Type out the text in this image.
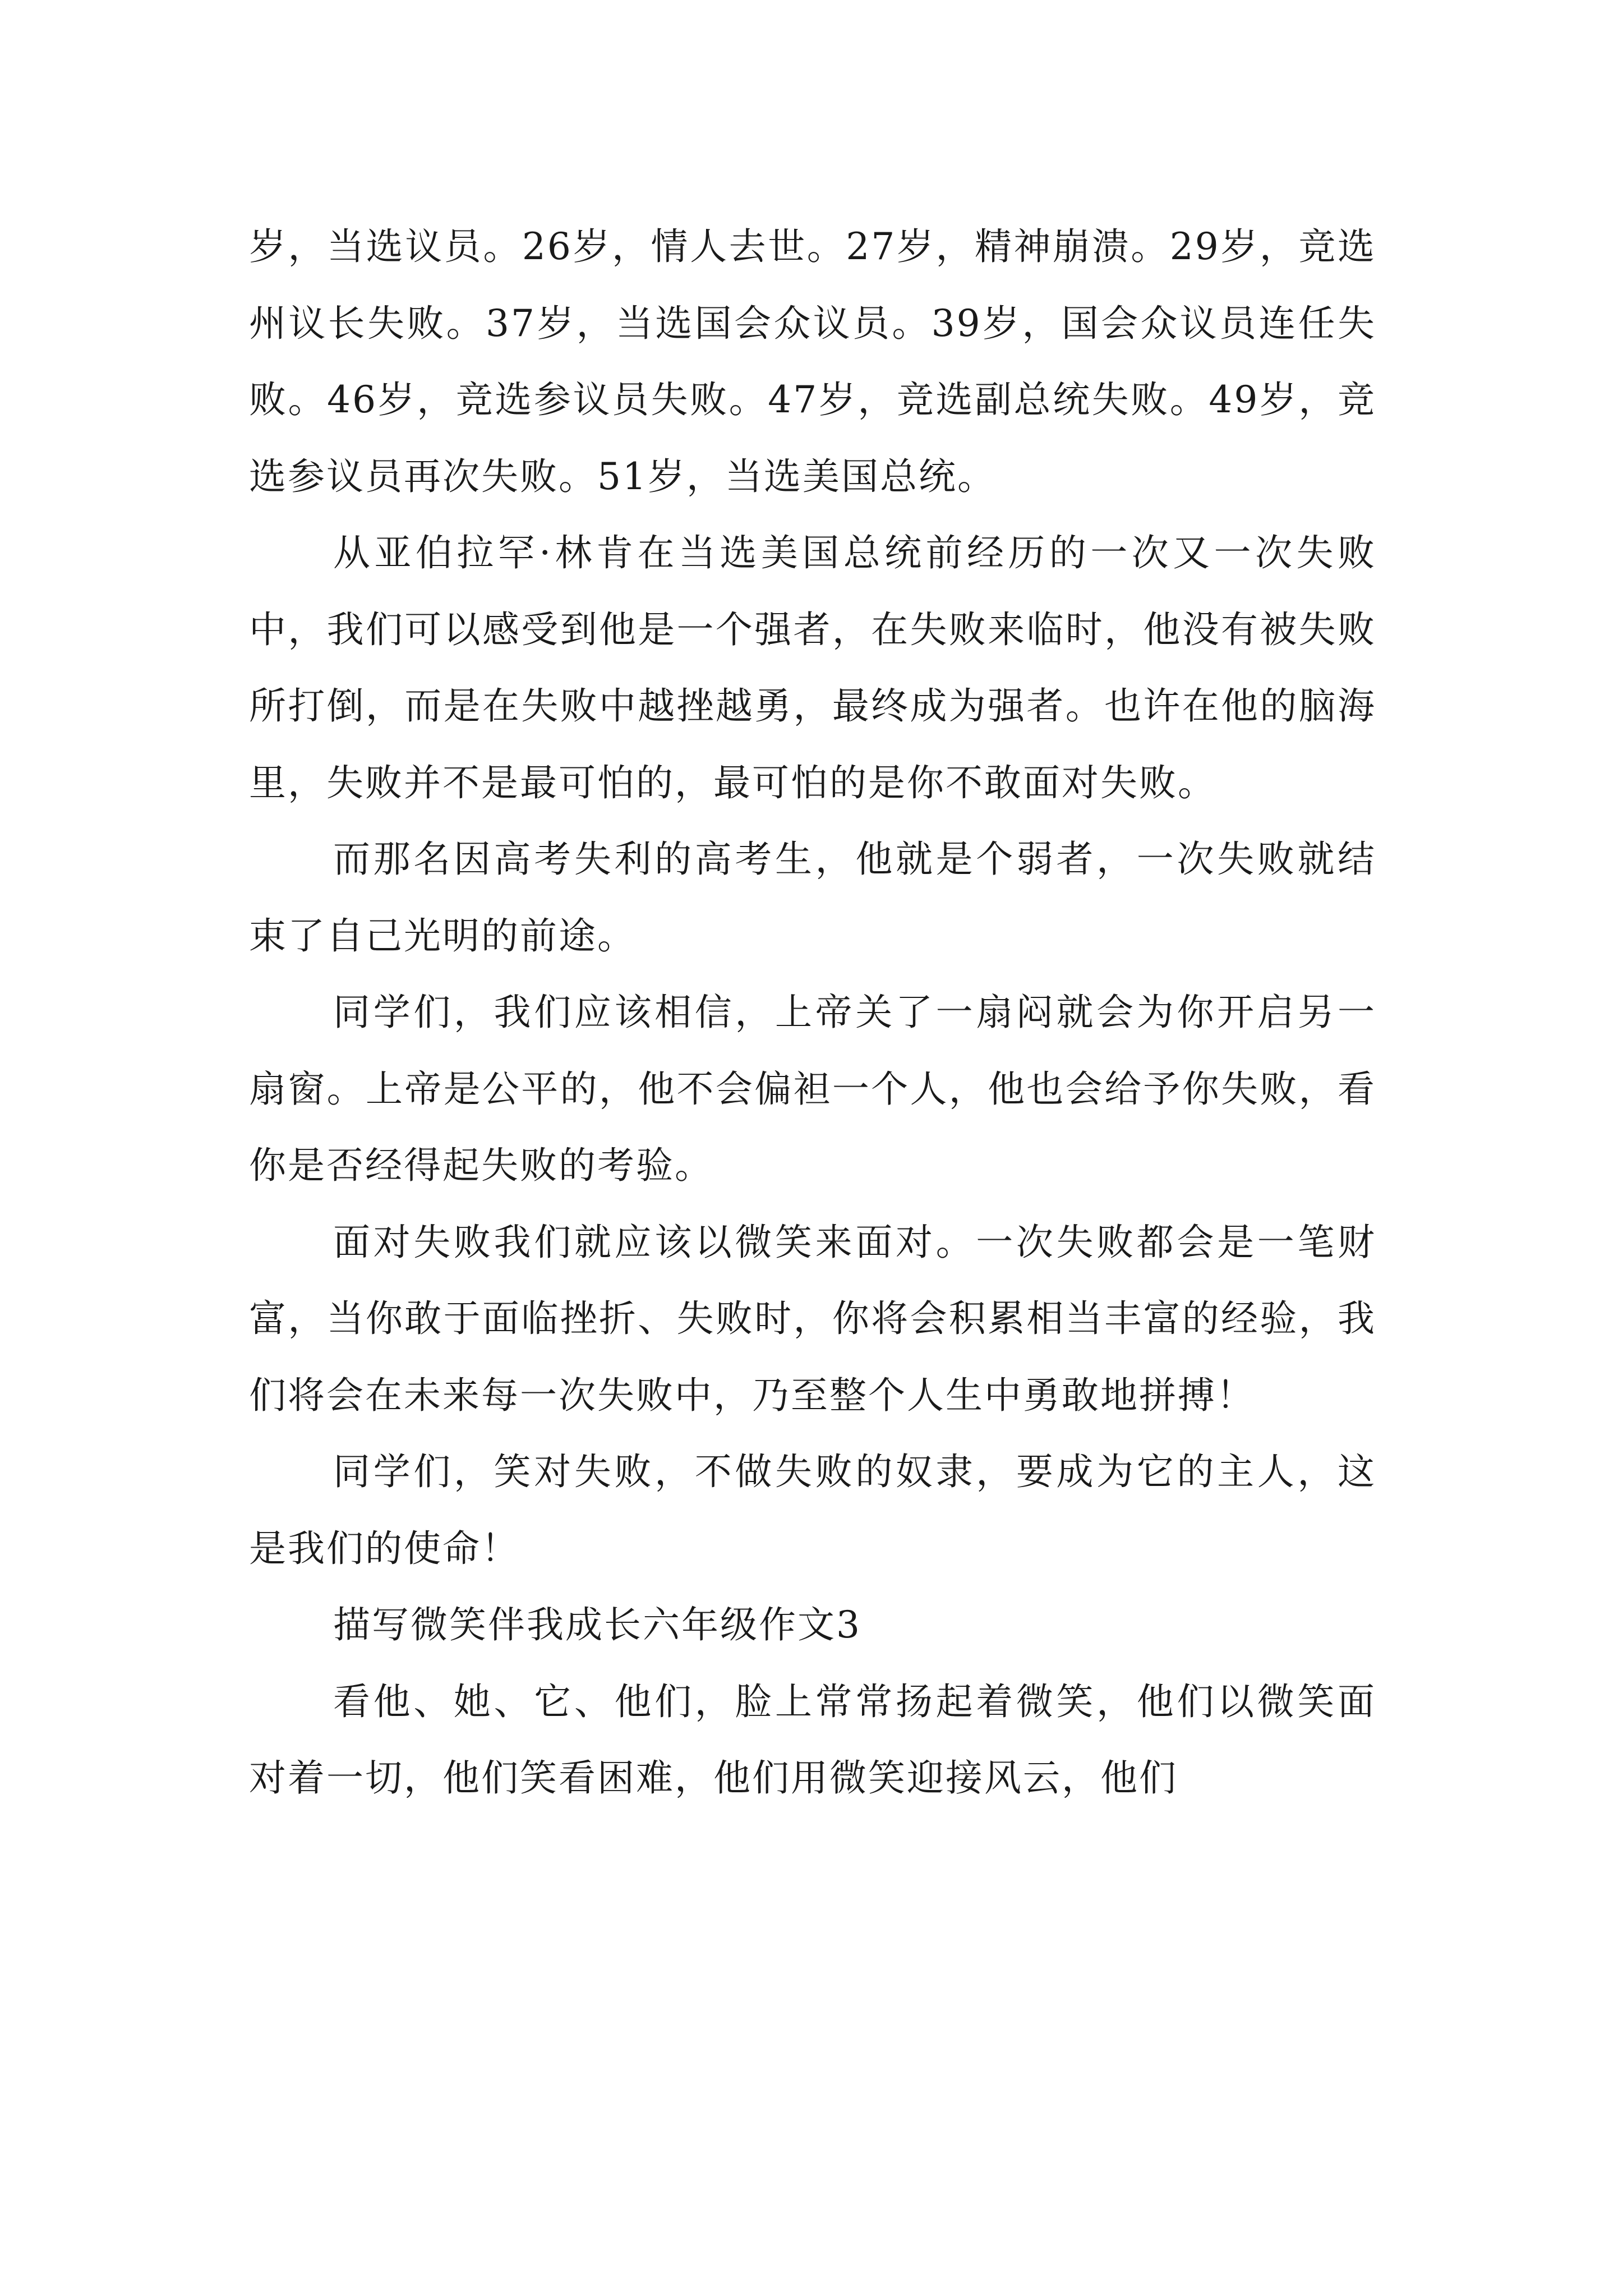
岁，当选议员。26岁，情人去世。27岁，精神崩溃。29岁，竞选州议长失败。37岁，当选国会众议员。39岁，国会众议员连任失败。46岁，竞选参议员失败。47岁，竞选副总统失败。49岁，竞选参议员再次失败。51岁，当选美国总统。

从亚伯拉罕·林肯在当选美国总统前经历的一次又一次失败中，我们可以感受到他是一个强者，在失败来临时，他没有被失败所打倒，而是在失败中越挫越勇，最终成为强者。也许在他的脑海里，失败并不是最可怕的，最可怕的是你不敢面对失败。

而那名因高考失利的高考生，他就是个弱者，一次失败就结束了自己光明的前途。

同学们，我们应该相信，上帝关了一扇闷就会为你开启另一扇窗。上帝是公平的，他不会偏袒一个人，他也会给予你失败，看你是否经得起失败的考验。

面对失败我们就应该以微笑来面对。一次失败都会是一笔财富，当你敢于面临挫折、失败时，你将会积累相当丰富的经验，我们将会在未来每一次失败中，乃至整个人生中勇敢地拼搏！

同学们，笑对失败，不做失败的奴隶，要成为它的主人，这是我们的使命！

描写微笑伴我成长六年级作文3

看他、她、它、他们，脸上常常扬起着微笑，他们以微笑面对着一切，他们笑看困难，他们用微笑迎接风云，他们
